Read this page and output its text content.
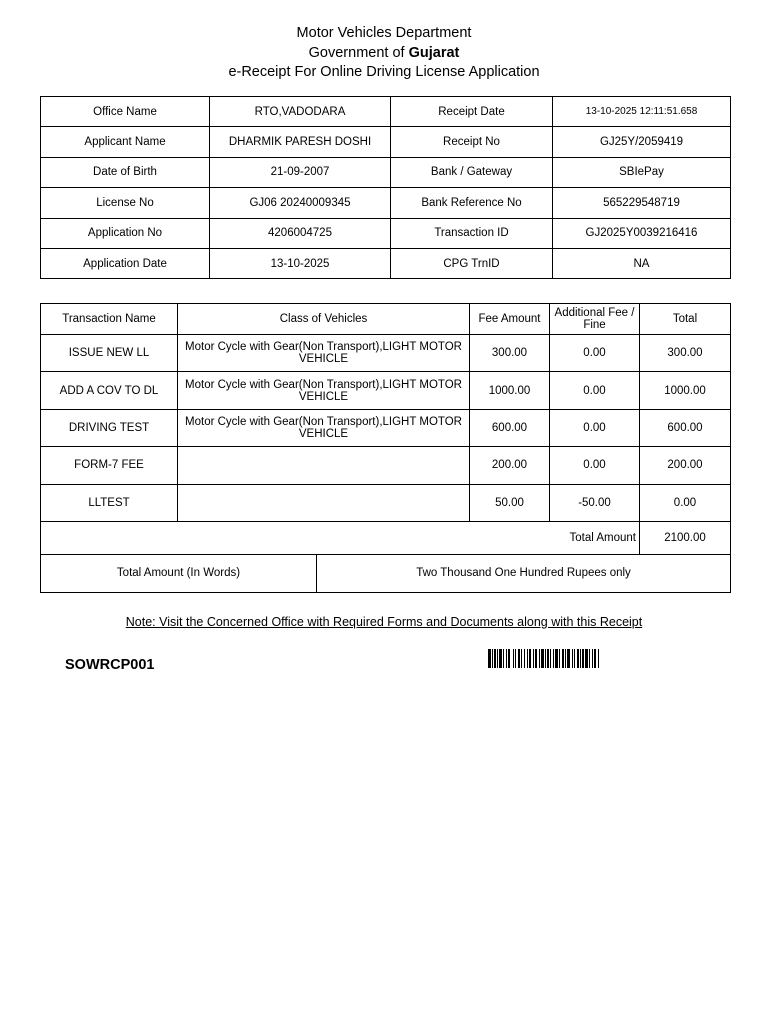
Motor Vehicles Department
Government of Gujarat
e-Receipt For Online Driving License Application
Office Name	RTO,VADODARA	Receipt Date	13-10-2025 12:11:51.658
Applicant Name	DHARMIK PARESH DOSHI	Receipt No	GJ25Y/2059419
Date of Birth	21-09-2007	Bank / Gateway	SBIePay
License No	GJ06 20240009345	Bank Reference No	565229548719
Application No	4206004725	Transaction ID	GJ2025Y0039216416
Application Date	13-10-2025	CPG TrnID	NA
Transaction Name	Class of Vehicles	Fee Amount	Additional Fee / Fine	Total
ISSUE NEW LL	Motor Cycle with Gear(Non Transport),LIGHT MOTOR VEHICLE	300.00	0.00	300.00
ADD A COV TO DL	Motor Cycle with Gear(Non Transport),LIGHT MOTOR VEHICLE	1000.00	0.00	1000.00
DRIVING TEST	Motor Cycle with Gear(Non Transport),LIGHT MOTOR VEHICLE	600.00	0.00	600.00
FORM-7 FEE		200.00	0.00	200.00
LLTEST		50.00	-50.00	0.00
Total Amount				2100.00
Total Amount (In Words)	Two Thousand One Hundred Rupees only
Note: Visit the Concerned Office with Required Forms and Documents along with this Receipt
SOWRCP001
